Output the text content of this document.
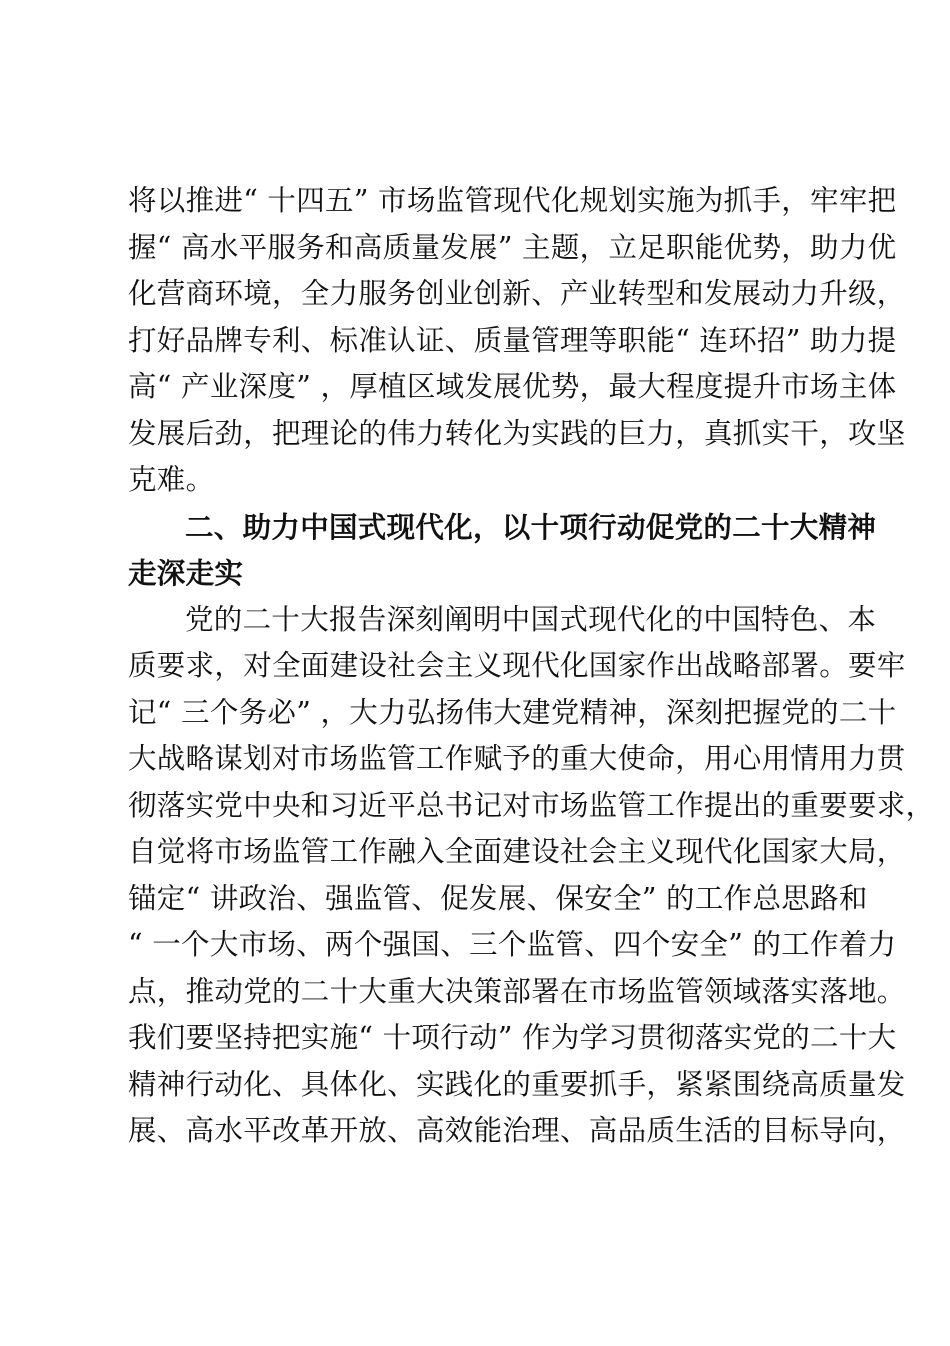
将以推进“ 十四五” 市场监管现代化规划实施为抓手，牢牢把
握“ 高水平服务和高质量发展” 主题，立足职能优势，助力优
化营商环境，全力服务创业创新、产业转型和发展动力升级，
打好品牌专利、标准认证、质量管理等职能“ 连环招” 助力提
高“ 产业深度” ，厚植区域发展优势，最大程度提升市场主体
发展后劲，把理论的伟力转化为实践的巨力，真抓实干，攻坚
克难。
二、助力中国式现代化，以十项行动促党的二十大精神
走深走实
党的二十大报告深刻阐明中国式现代化的中国特色、本
质要求，对全面建设社会主义现代化国家作出战略部署。要牢
记“ 三个务必” ，大力弘扬伟大建党精神，深刻把握党的二十
大战略谋划对市场监管工作赋予的重大使命，用心用情用力贯
彻落实党中央和习近平总书记对市场监管工作提出的重要要求，
自觉将市场监管工作融入全面建设社会主义现代化国家大局，
锚定“ 讲政治、强监管、促发展、保安全” 的工作总思路和
“ 一个大市场、两个强国、三个监管、四个安全” 的工作着力
点，推动党的二十大重大决策部署在市场监管领域落实落地。
我们要坚持把实施“ 十项行动” 作为学习贯彻落实党的二十大
精神行动化、具体化、实践化的重要抓手，紧紧围绕高质量发
展、高水平改革开放、高效能治理、高品质生活的目标导向，
